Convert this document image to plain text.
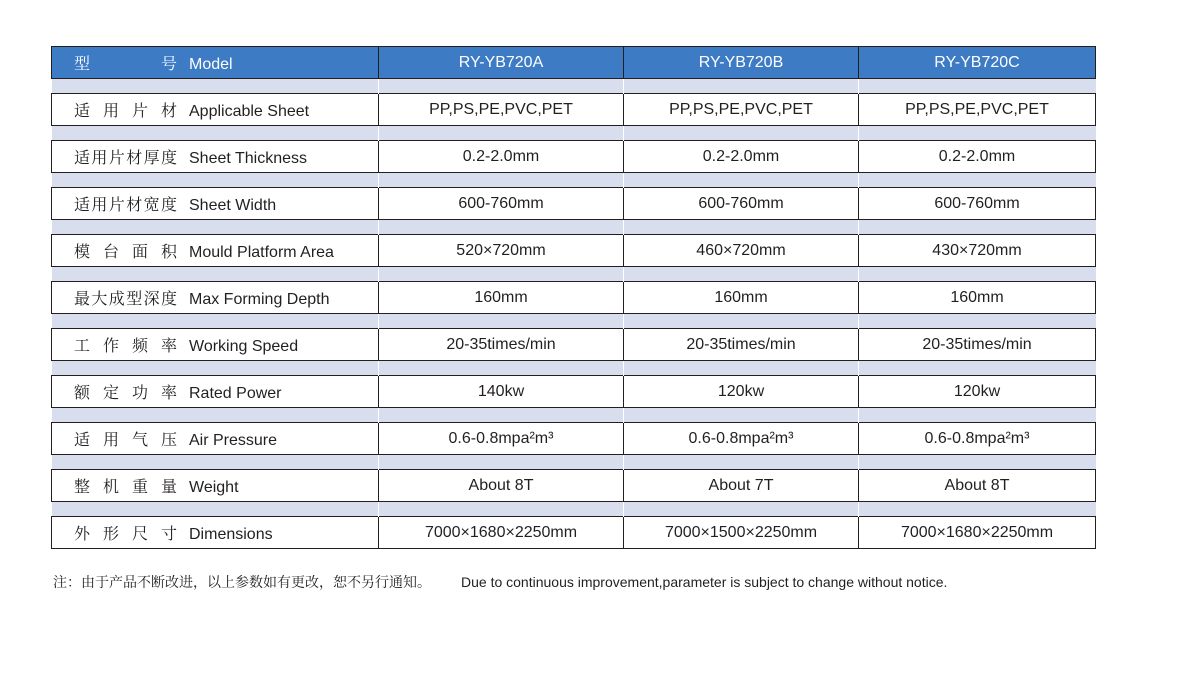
型号 Model	RY-YB720A	RY-YB720B	RY-YB720C

适用片材 Applicable Sheet	PP,PS,PE,PVC,PET	PP,PS,PE,PVC,PET	PP,PS,PE,PVC,PET

适用片材厚度 Sheet Thickness	0.2-2.0mm	0.2-2.0mm	0.2-2.0mm

适用片材宽度 Sheet Width	600-760mm	600-760mm	600-760mm

模台面积 Mould Platform Area	520×720mm	460×720mm	430×720mm

最大成型深度 Max Forming Depth	160mm	160mm	160mm

工作频率 Working Speed	20-35times/min	20-35times/min	20-35times/min

额定功率 Rated Power	140kw	120kw	120kw

适用气压 Air Pressure	0.6-0.8mpa²m³	0.6-0.8mpa²m³	0.6-0.8mpa²m³

整机重量 Weight	About 8T	About 7T	About 8T

外形尺寸 Dimensions	7000×1680×2250mm	7000×1500×2250mm	7000×1680×2250mm
注：由于产品不断改进，以上参数如有更改，恕不另行通知。 Due to continuous improvement,parameter is subject to change without notice.
